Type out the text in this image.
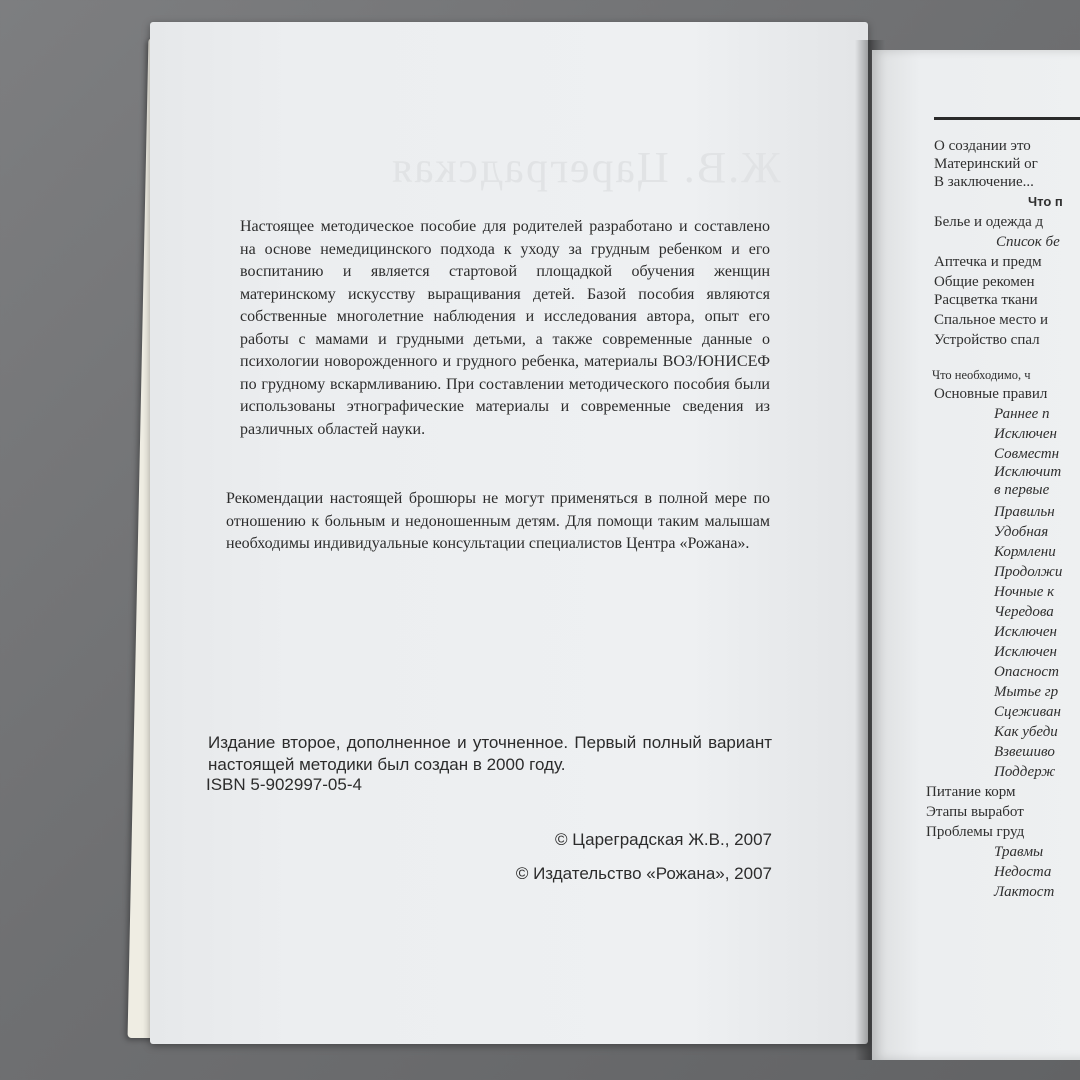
Ж.В. Цареградская

Настоящее методическое пособие для родителей разработано и составлено на основе немедицинского подхода к уходу за грудным ребенком и его воспитанию и является стартовой площадкой обучения женщин материнскому искусству выращивания детей. Базой пособия являются собственные многолетние наблюдения и исследования автора, опыт его работы с мамами и грудными детьми, а также современные данные о психологии новорожденного и грудного ребенка, материалы ВОЗ/ЮНИСЕФ по грудному вскармливанию. При составлении методического пособия были использованы этнографические материалы и современные сведения из различных областей науки.

Рекомендации настоящей брошюры не могут применяться в полной мере по отношению к больным и недоношенным детям. Для помощи таким малышам необходимы индивидуальные консультации специалистов Центра «Рожана».

Издание второе, дополненное и уточненное. Первый полный вариант настоящей методики был создан в 2000 году.

ISBN 5-902997-05-4

© Цареградская Ж.В., 2007
© Издательство «Рожана», 2007
О создании это
Материнский ог
В заключение...
Что п
Белье и одежда д
Список бе
Аптечка и предм
Общие рекомен
Расцветка ткани
Спальное место и
Устройство спал
Что необходимо, ч
Основные правил
Раннее п
Исключен
Совместн
Исключит
в первые
Правильн
Удобная
Кормлени
Продолжи
Ночные к
Чередова
Исключен
Исключен
Опасност
Мытье гр
Сцеживан
Как убеди
Взвешиво
Поддерж
Питание корм
Этапы выработ
Проблемы груд
Травмы
Недоста
Лактост
